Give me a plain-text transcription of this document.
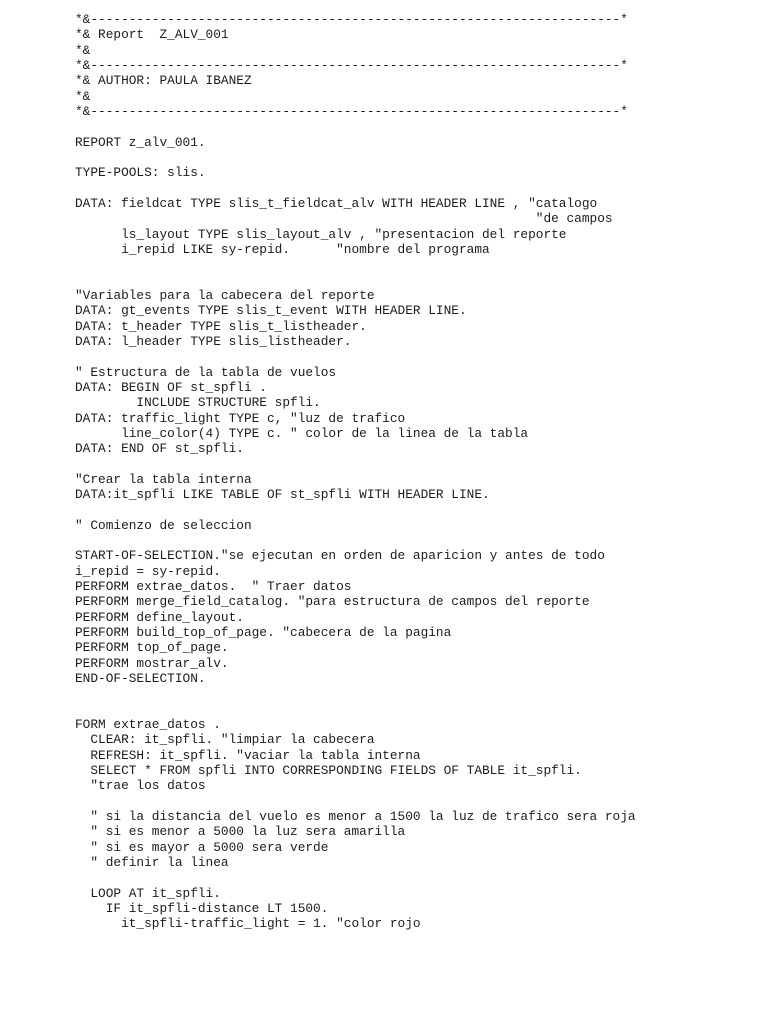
*&---------------------------------------------------------------------*
*& Report  Z_ALV_001
*&
*&---------------------------------------------------------------------*
*& AUTHOR: PAULA IBANEZ
*&
*&---------------------------------------------------------------------*
REPORT z_alv_001.
TYPE-POOLS: slis.
DATA: fieldcat TYPE slis_t_fieldcat_alv WITH HEADER LINE , "catalogo
"de campos
ls_layout TYPE slis_layout_alv , "presentacion del reporte
i_repid LIKE sy-repid.      "nombre del programa
"Variables para la cabecera del reporte
DATA: gt_events TYPE slis_t_event WITH HEADER LINE.
DATA: t_header TYPE slis_t_listheader.
DATA: l_header TYPE slis_listheader.
" Estructura de la tabla de vuelos
DATA: BEGIN OF st_spfli .
INCLUDE STRUCTURE spfli.
DATA: traffic_light TYPE c, "luz de trafico
line_color(4) TYPE c. " color de la linea de la tabla
DATA: END OF st_spfli.
"Crear la tabla interna
DATA:it_spfli LIKE TABLE OF st_spfli WITH HEADER LINE.
" Comienzo de seleccion
START-OF-SELECTION."se ejecutan en orden de aparicion y antes de todo
i_repid = sy-repid.
PERFORM extrae_datos.  " Traer datos
PERFORM merge_field_catalog. "para estructura de campos del reporte
PERFORM define_layout.
PERFORM build_top_of_page. "cabecera de la pagina
PERFORM top_of_page.
PERFORM mostrar_alv.
END-OF-SELECTION.
FORM extrae_datos .
CLEAR: it_spfli. "limpiar la cabecera
REFRESH: it_spfli. "vaciar la tabla interna
SELECT * FROM spfli INTO CORRESPONDING FIELDS OF TABLE it_spfli.
"trae los datos
" si la distancia del vuelo es menor a 1500 la luz de trafico sera roja
" si es menor a 5000 la luz sera amarilla
" si es mayor a 5000 sera verde
" definir la linea
LOOP AT it_spfli.
IF it_spfli-distance LT 1500.
it_spfli-traffic_light = 1. "color rojo
